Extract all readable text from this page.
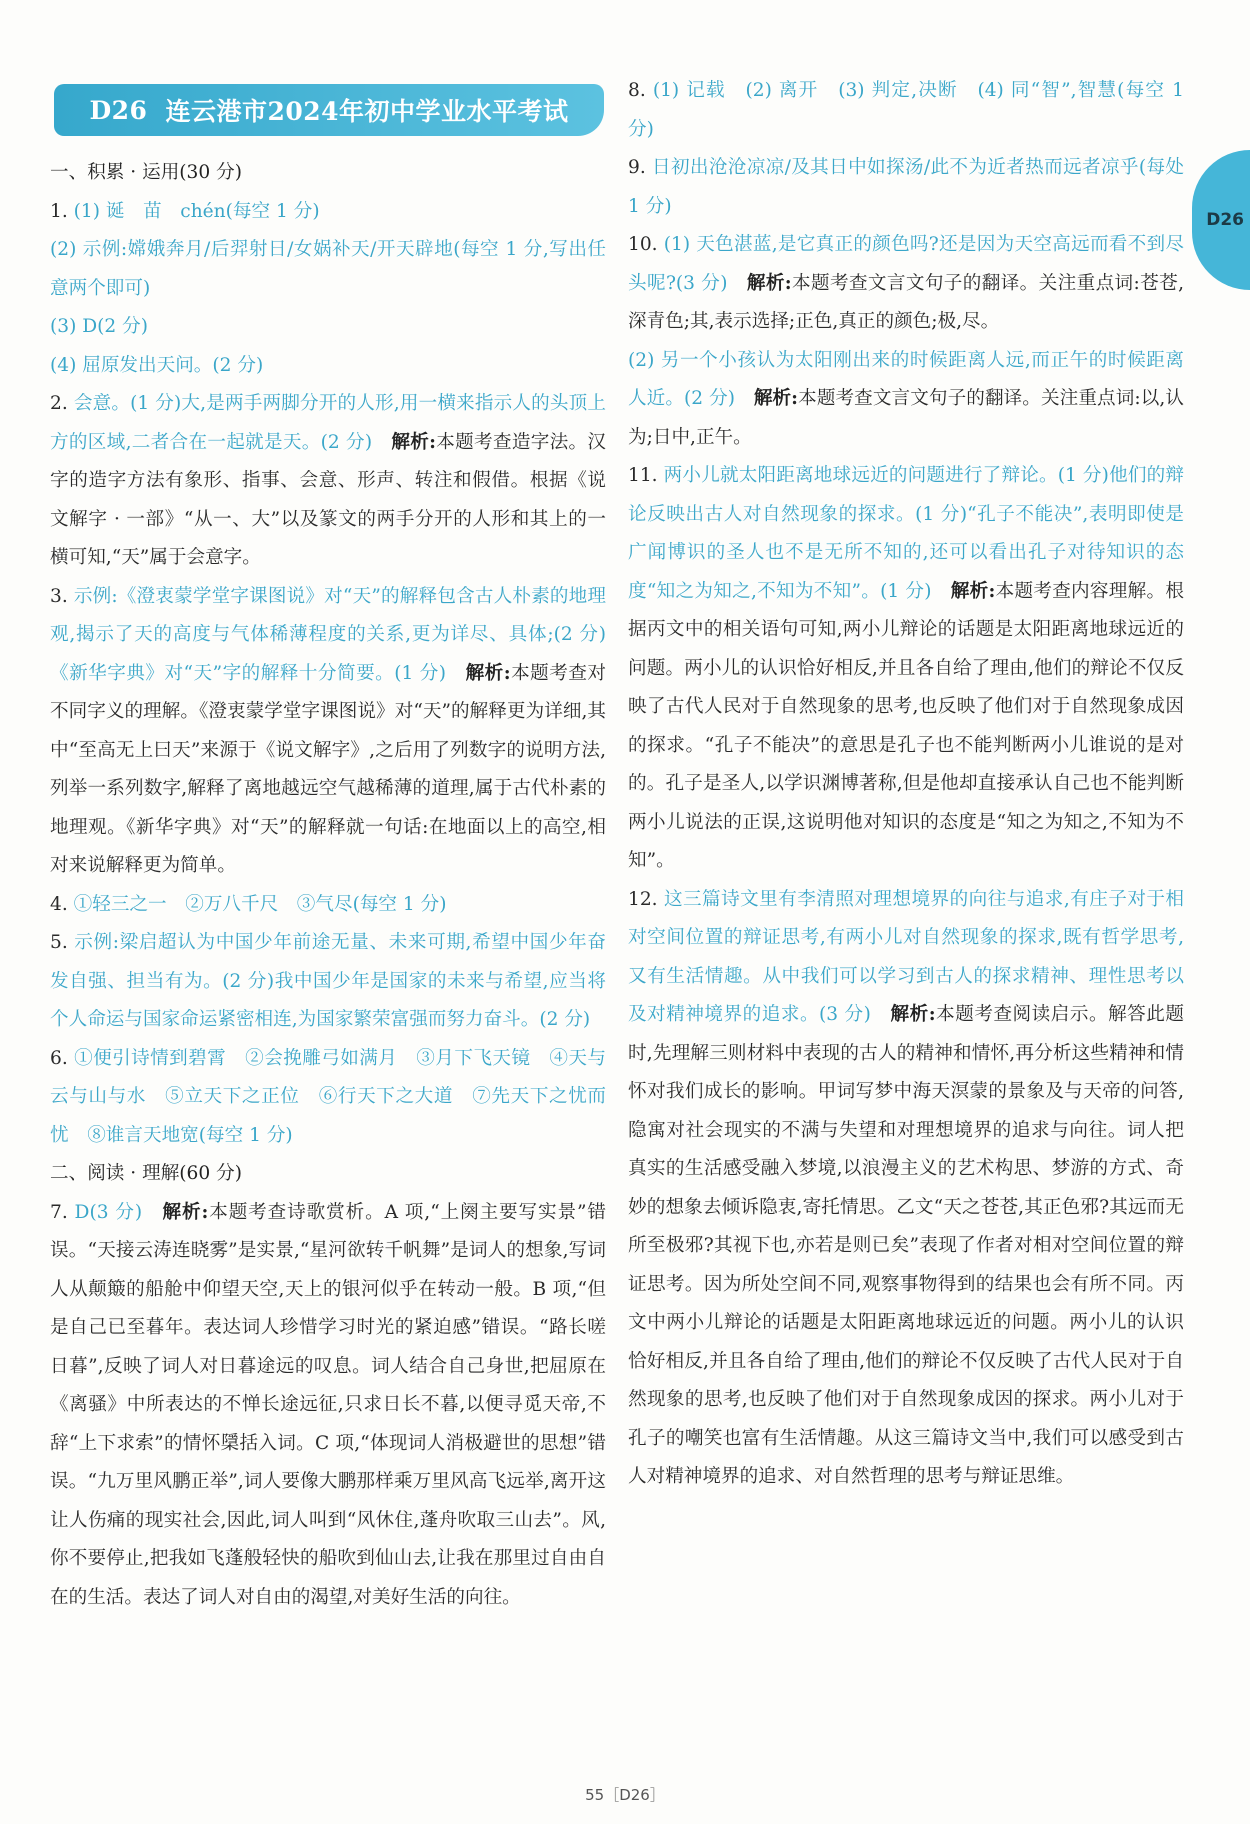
D26 连云港市2024年初中学业水平考试
D26

一、积累 · 运用(30 分)

1. (1) 诞　苗　chén(每空 1 分)

(2) 示例:嫦娥奔月/后羿射日/女娲补天/开天辟地(每空 1 分,写出任意两个即可)

(3) D(2 分)

(4) 屈原发出天问。(2 分)

2. 会意。(1 分)大,是两手两脚分开的人形,用一横来指示人的头顶上方的区域,二者合在一起就是天。(2 分)　解析:本题考查造字法。汉字的造字方法有象形、指事、会意、形声、转注和假借。根据《说文解字 · 一部》“从一、大”以及篆文的两手分开的人形和其上的一横可知,“天”属于会意字。

3. 示例:《澄衷蒙学堂字课图说》对“天”的解释包含古人朴素的地理观,揭示了天的高度与气体稀薄程度的关系,更为详尽、具体;(2 分)《新华字典》对“天”字的解释十分简要。(1 分)　解析:本题考查对不同字义的理解。《澄衷蒙学堂字课图说》对“天”的解释更为详细,其中“至高无上曰天”来源于《说文解字》,之后用了列数字的说明方法,列举一系列数字,解释了离地越远空气越稀薄的道理,属于古代朴素的地理观。《新华字典》对“天”的解释就一句话:在地面以上的高空,相对来说解释更为简单。

4. ①轻三之一　②万八千尺　③气尽(每空 1 分)

5. 示例:梁启超认为中国少年前途无量、未来可期,希望中国少年奋发自强、担当有为。(2 分)我中国少年是国家的未来与希望,应当将个人命运与国家命运紧密相连,为国家繁荣富强而努力奋斗。(2 分)

6. ①便引诗情到碧霄　②会挽雕弓如满月　③月下飞天镜　④天与云与山与水　⑤立天下之正位　⑥行天下之大道　⑦先天下之忧而忧　⑧谁言天地宽(每空 1 分)

二、阅读 · 理解(60 分)

7. D(3 分)　解析:本题考查诗歌赏析。A 项,“上阕主要写实景”错误。“天接云涛连晓雾”是实景,“星河欲转千帆舞”是词人的想象,写词人从颠簸的船舱中仰望天空,天上的银河似乎在转动一般。B 项,“但是自己已至暮年。表达词人珍惜学习时光的紧迫感”错误。“路长嗟日暮”,反映了词人对日暮途远的叹息。词人结合自己身世,把屈原在《离骚》中所表达的不惮长途远征,只求日长不暮,以便寻觅天帝,不辞“上下求索”的情怀檃括入词。C 项,“体现词人消极避世的思想”错误。“九万里风鹏正举”,词人要像大鹏那样乘万里风高飞远举,离开这让人伤痛的现实社会,因此,词人叫到“风休住,蓬舟吹取三山去”。风,你不要停止,把我如飞蓬般轻快的船吹到仙山去,让我在那里过自由自在的生活。表达了词人对自由的渴望,对美好生活的向往。

8. (1) 记载　(2) 离开　(3) 判定,决断　(4) 同“智”,智慧(每空 1 分)

9. 日初出沧沧凉凉/及其日中如探汤/此不为近者热而远者凉乎(每处 1 分)

10. (1) 天色湛蓝,是它真正的颜色吗?还是因为天空高远而看不到尽头呢?(3 分)　解析:本题考查文言文句子的翻译。关注重点词:苍苍,深青色;其,表示选择;正色,真正的颜色;极,尽。

(2) 另一个小孩认为太阳刚出来的时候距离人远,而正午的时候距离人近。(2 分)　解析:本题考查文言文句子的翻译。关注重点词:以,认为;日中,正午。

11. 两小儿就太阳距离地球远近的问题进行了辩论。(1 分)他们的辩论反映出古人对自然现象的探求。(1 分)“孔子不能决”,表明即使是广闻博识的圣人也不是无所不知的,还可以看出孔子对待知识的态度“知之为知之,不知为不知”。(1 分)　解析:本题考查内容理解。根据丙文中的相关语句可知,两小儿辩论的话题是太阳距离地球远近的问题。两小儿的认识恰好相反,并且各自给了理由,他们的辩论不仅反映了古代人民对于自然现象的思考,也反映了他们对于自然现象成因的探求。“孔子不能决”的意思是孔子也不能判断两小儿谁说的是对的。孔子是圣人,以学识渊博著称,但是他却直接承认自己也不能判断两小儿说法的正误,这说明他对知识的态度是“知之为知之,不知为不知”。

12. 这三篇诗文里有李清照对理想境界的向往与追求,有庄子对于相对空间位置的辩证思考,有两小儿对自然现象的探求,既有哲学思考,又有生活情趣。从中我们可以学习到古人的探求精神、理性思考以及对精神境界的追求。(3 分)　解析:本题考查阅读启示。解答此题时,先理解三则材料中表现的古人的精神和情怀,再分析这些精神和情怀对我们成长的影响。甲词写梦中海天溟蒙的景象及与天帝的问答,隐寓对社会现实的不满与失望和对理想境界的追求与向往。词人把真实的生活感受融入梦境,以浪漫主义的艺术构思、梦游的方式、奇妙的想象去倾诉隐衷,寄托情思。乙文“天之苍苍,其正色邪?其远而无所至极邪?其视下也,亦若是则已矣”表现了作者对相对空间位置的辩证思考。因为所处空间不同,观察事物得到的结果也会有所不同。丙文中两小儿辩论的话题是太阳距离地球远近的问题。两小儿的认识恰好相反,并且各自给了理由,他们的辩论不仅反映了古代人民对于自然现象的思考,也反映了他们对于自然现象成因的探求。两小儿对于孔子的嘲笑也富有生活情趣。从这三篇诗文当中,我们可以感受到古人对精神境界的追求、对自然哲理的思考与辩证思维。

55［D26］
